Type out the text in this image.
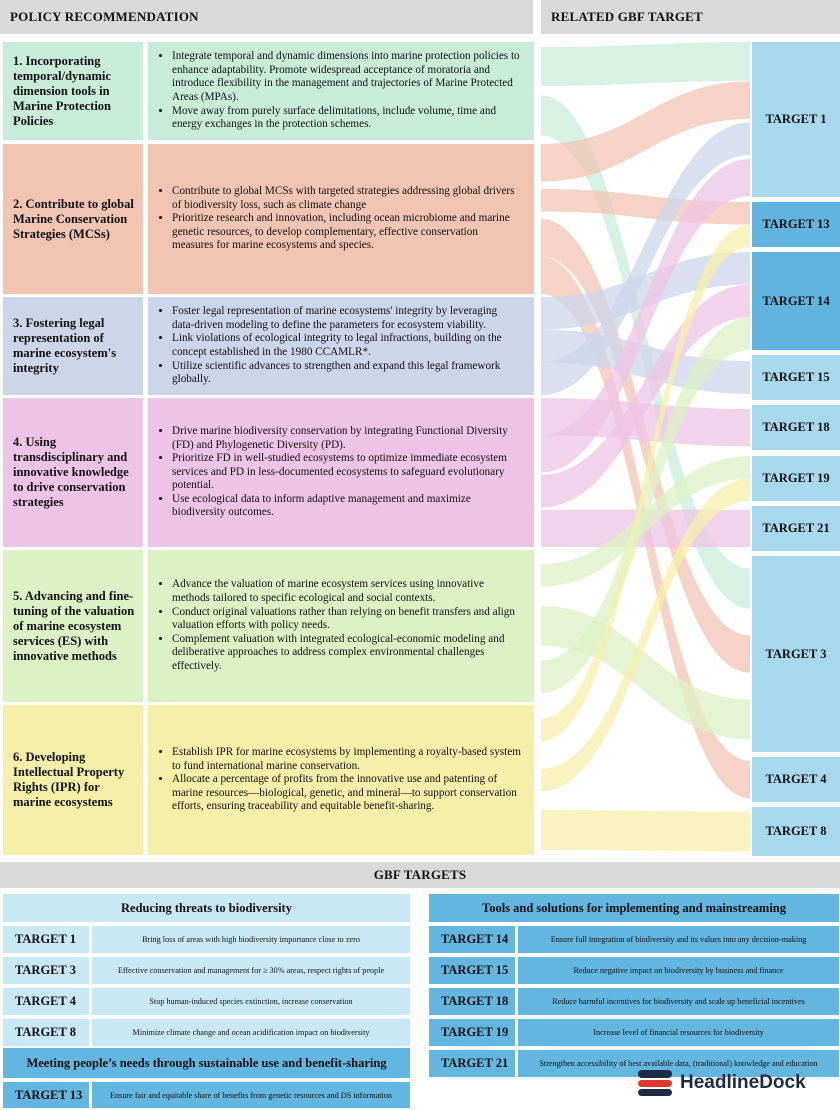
POLICY RECOMMENDATION	RELATED GBF TARGET
1. Incorporating temporal/dynamic dimension tools in Marine Protection Policies
• Integrate temporal and dynamic dimensions into marine protection policies to enhance adaptability. Promote widespread acceptance of moratoria and introduce flexibility in the management and trajectories of Marine Protected Areas (MPAs).
• Move away from purely surface delimitations, include volume, time and energy exchanges in the protection schemes.
2. Contribute to global Marine Conservation Strategies (MCSs)
• Contribute to global MCSs with targeted strategies addressing global drivers of biodiversity loss, such as climate change
• Prioritize research and innovation, including ocean microbiome and marine genetic resources, to develop complementary, effective conservation measures for marine ecosystems and species.
3. Fostering legal representation of marine ecosystem's integrity
• Foster legal representation of marine ecosystems' integrity by leveraging data-driven modeling to define the parameters for ecosystem viability.
• Link violations of ecological integrity to legal infractions, building on the concept established in the 1980 CCAMLR*.
• Utilize scientific advances to strengthen and expand this legal framework globally.
4. Using transdisciplinary and innovative knowledge to drive conservation strategies
• Drive marine biodiversity conservation by integrating Functional Diversity (FD) and Phylogenetic Diversity (PD).
• Prioritize FD in well-studied ecosystems to optimize immediate ecosystem services and PD in less-documented ecosystems to safeguard evolutionary potential.
• Use ecological data to inform adaptive management and maximize biodiversity outcomes.
5. Advancing and fine-tuning of the valuation of marine ecosystem services (ES) with innovative methods
• Advance the valuation of marine ecosystem services using innovative methods tailored to specific ecological and social contexts.
• Conduct original valuations rather than relying on benefit transfers and align valuation efforts with policy needs.
• Complement valuation with integrated ecological-economic modeling and deliberative approaches to address complex environmental challenges effectively.
6. Developing Intellectual Property Rights (IPR) for marine ecosystems
• Establish IPR for marine ecosystems by implementing a royalty-based system to fund international marine conservation.
• Allocate a percentage of profits from the innovative use and patenting of marine resources—biological, genetic, and mineral—to support conservation efforts, ensuring traceability and equitable benefit-sharing.
TARGET 1
TARGET 13
TARGET 14
TARGET 15
TARGET 18
TARGET 19
TARGET 21
TARGET 3
TARGET 4
TARGET 8
GBF TARGETS
Reducing threats to biodiversity
TARGET 1	Bring loss of areas with high biodiversity importance close to zero
TARGET 3	Effective conservation and management for ≥ 30% areas, respect rights of people
TARGET 4	Stop human-induced species extinction, increase conservation
TARGET 8	Minimize climate change and ocean acidification impact on biodiversity
Meeting people’s needs through sustainable use and benefit-sharing
TARGET 13	Ensure fair and equitable share of benefits from genetic resources and DS information
Tools and solutions for implementing and mainstreaming
TARGET 14	Ensure full integration of biodiversity and its values into any decision-making
TARGET 15	Reduce negative impact on biodiversity by business and finance
TARGET 18	Reduce harmful incentives for biodiversity and scale up beneficial incentives
TARGET 19	Increase level of financial resources for biodiversity
TARGET 21	Strengthen accessibility of best available data, (traditional) knowledge and education
HeadlineDock
